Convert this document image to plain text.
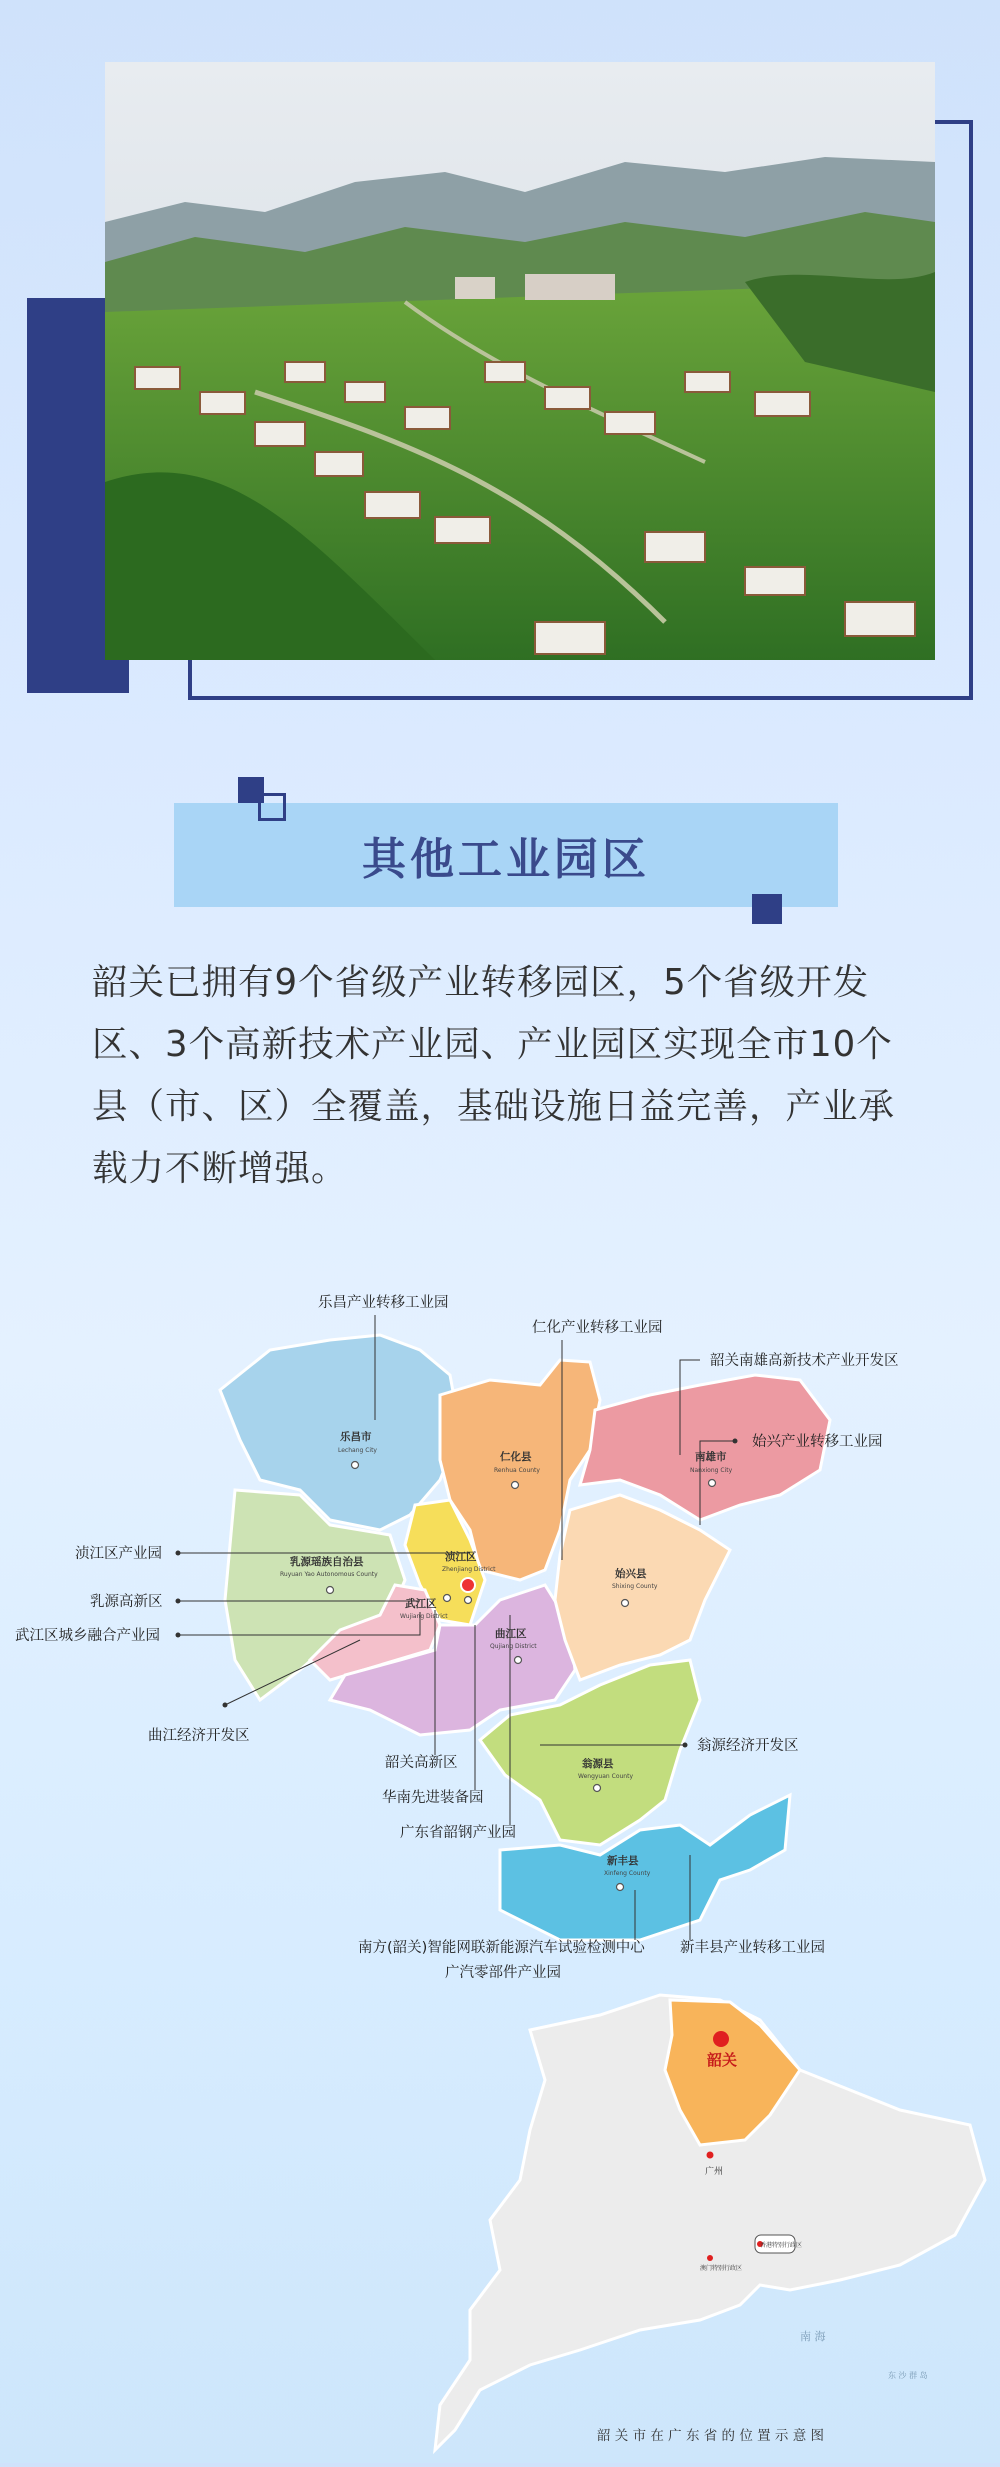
其他工业园区
韶关已拥有9个省级产业转移园区，5个省级开发区、3个高新技术产业园、产业园区实现全市10个县（市、区）全覆盖，基础设施日益完善，产业承载力不断增强。
乐昌市
Lechang City
仁化县
Renhua County
南雄市
Nanxiong City
乳源瑶族自治县
Ruyuan Yao Autonomous County
浈江区
Zhenjiang District
武江区
Wujiang District
曲江区
Qujiang District
始兴县
Shixing County
翁源县
Wengyuan County
新丰县
Xinfeng County
乐昌产业转移工业园
仁化产业转移工业园
韶关南雄高新技术产业开发区
始兴产业转移工业园
浈江区产业园
乳源高新区
武江区城乡融合产业园
曲江经济开发区
韶关高新区
华南先进装备园
广东省韶钢产业园
翁源经济开发区
南方(韶关)智能网联新能源汽车试验检测中心
广汽零部件产业园
新丰县产业转移工业园
韶关
广州
香港特别行政区
澳门特别行政区
南 海
东 沙 群 岛
韶 关 市 在 广 东 省 的 位 置 示 意 图
